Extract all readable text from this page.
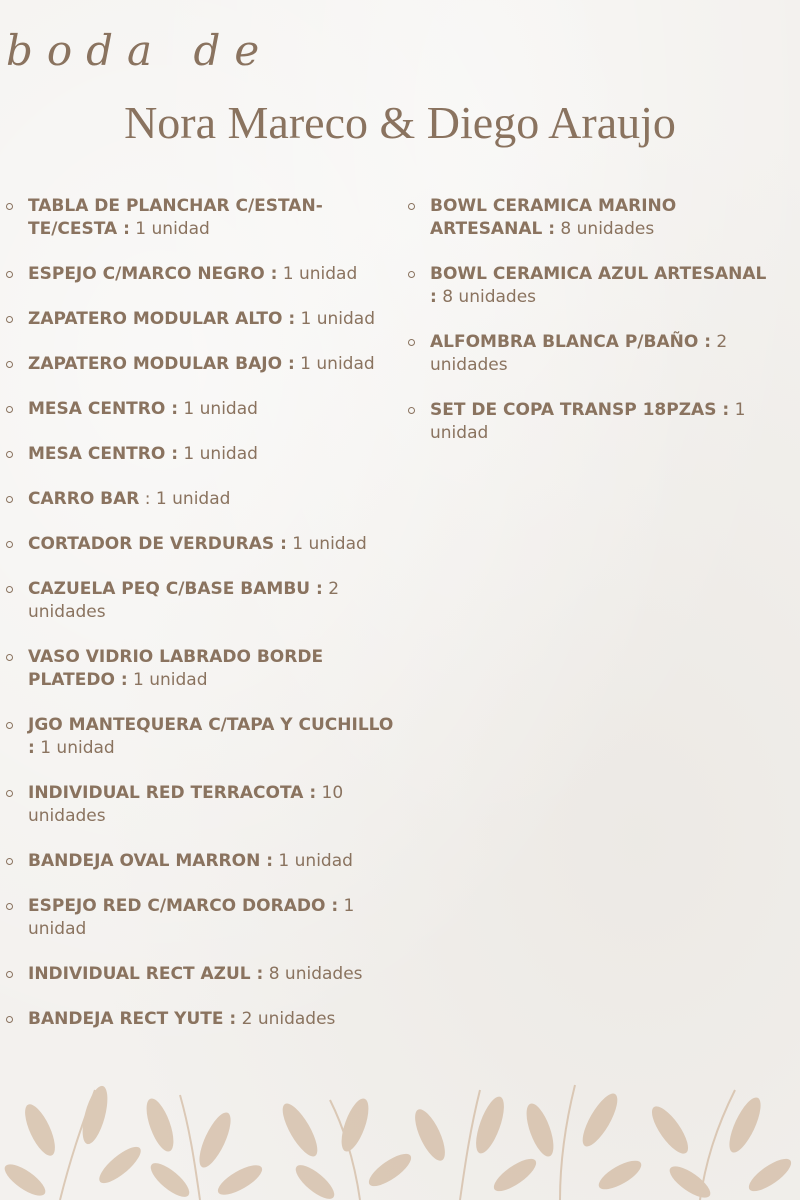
boda de
Nora Mareco & Diego Araujo
TABLA DE PLANCHAR C/ESTAN-TE/CESTA : 1 unidad
ESPEJO C/MARCO NEGRO : 1 unidad
ZAPATERO MODULAR ALTO : 1 unidad
ZAPATERO MODULAR BAJO : 1 unidad
MESA CENTRO : 1 unidad
MESA CENTRO : 1 unidad
CARRO BAR : 1 unidad
CORTADOR DE VERDURAS : 1 unidad
CAZUELA PEQ C/BASE BAMBU : 2 unidades
VASO VIDRIO LABRADO BORDE PLATEDO : 1 unidad
JGO MANTEQUERA C/TAPA Y CUCHILLO : 1 unidad
INDIVIDUAL RED TERRACOTA : 10 unidades
BANDEJA OVAL MARRON : 1 unidad
ESPEJO RED C/MARCO DORADO : 1 unidad
INDIVIDUAL RECT AZUL : 8 unidades
BANDEJA RECT YUTE : 2 unidades
BOWL CERAMICA MARINO ARTESANAL : 8 unidades
BOWL CERAMICA AZUL ARTESANAL : 8 unidades
ALFOMBRA BLANCA P/BAÑO : 2 unidades
SET DE COPA TRANSP 18PZAS : 1 unidad
